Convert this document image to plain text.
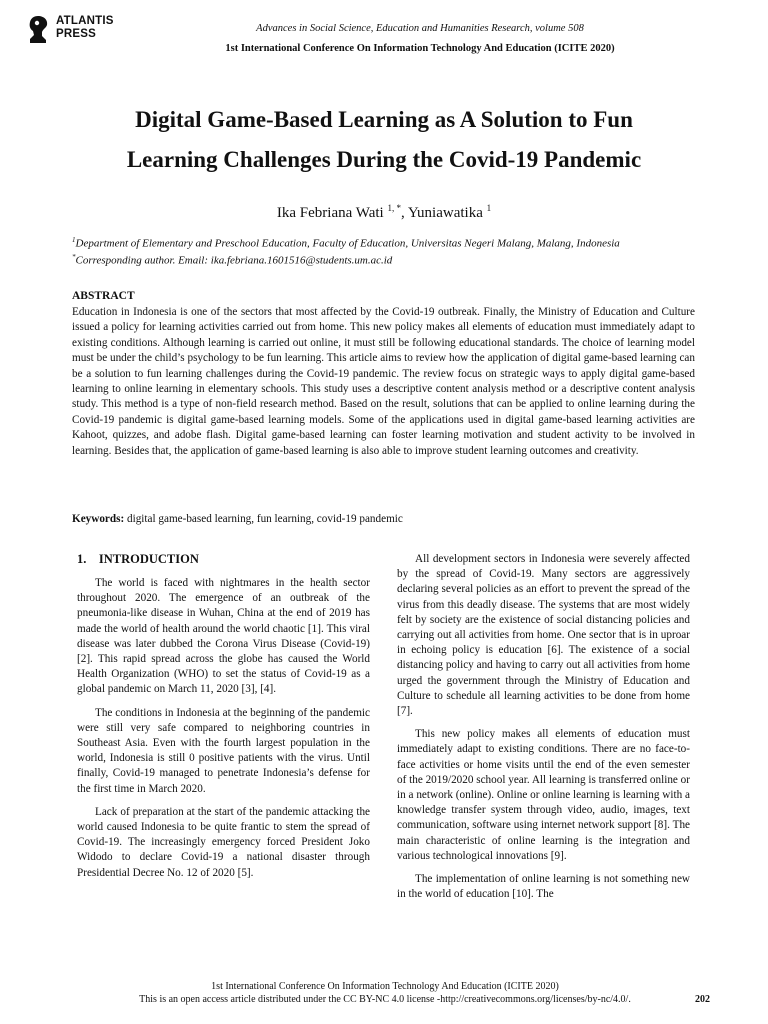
ATLANTIS
PRESS	Advances in Social Science, Education and Humanities Research, volume 508
1st International Conference On Information Technology And Education (ICITE 2020)
Digital Game-Based Learning as A Solution to Fun
Learning Challenges During the Covid-19 Pandemic
Ika Febriana Wati $^{1, *}$, Yuniawatika $^1$
$^1$Department of Elementary and Preschool Education, Faculty of Education, Universitas Negeri Malang, Malang, Indonesia
*Corresponding author. Email: ika.febriana.1601516@students.um.ac.id
ABSTRACT

Education in Indonesia is one of the sectors that most affected by the Covid-19 outbreak. Finally, the Ministry of Education and Culture issued a policy for learning activities carried out from home. This new policy makes all elements of education must immediately adapt to existing conditions. Although learning is carried out online, it must still be following educational standards. The choice of learning model must be under the child’s psychology to be fun learning. This article aims to review how the application of digital game-based learning can be a solution to fun learning challenges during the Covid-19 pandemic. The review focus on strategic ways to apply digital game-based learning to online learning in elementary schools. This study uses a descriptive content analysis method or a descriptive content analysis study. This method is a type of non-field research method. Based on the result, solutions that can be applied to online learning during the Covid-19 pandemic is digital game-based learning models. Some of the applications used in digital game-based learning activities are Kahoot, quizzes, and adobe flash. Digital game-based learning can foster learning motivation and student activity to be involved in learning. Besides that, the application of game-based learning is also able to improve student learning outcomes and creativity.

Keywords: digital game-based learning, fun learning, covid-19 pandemic
1.    INTRODUCTION

The world is faced with nightmares in the health sector throughout 2020. The emergence of an outbreak of the pneumonia-like disease in Wuhan, China at the end of 2019 has made the world of health around the world chaotic [1]. This viral disease was later dubbed the Corona Virus Disease (Covid-19) [2]. This rapid spread across the globe has caused the World Health Organization (WHO) to set the status of Covid-19 as a global pandemic on March 11, 2020 [3], [4].

The conditions in Indonesia at the beginning of the pandemic were still very safe compared to neighboring countries in Southeast Asia. Even with the fourth largest population in the world, Indonesia is still 0 positive patients with the virus. Until finally, Covid-19 managed to penetrate Indonesia’s defense for the first time in March 2020.

Lack of preparation at the start of the pandemic attacking the world caused Indonesia to be quite frantic to stem the spread of Covid-19. The increasingly emergency forced President Joko Widodo to declare Covid-19 a national disaster through Presidential Decree No. 12 of 2020 [5].

All development sectors in Indonesia were severely affected by the spread of Covid-19. Many sectors are aggressively declaring several policies as an effort to prevent the spread of the virus from this deadly disease. The systems that are most widely felt by society are the existence of social distancing policies and carrying out all activities from home. One sector that is in uproar in echoing policy is education [6]. The existence of a social distancing policy and having to carry out all activities from home urged the government through the Ministry of Education and Culture to schedule all learning activities to be done from home [7].

This new policy makes all elements of education must immediately adapt to existing conditions. There are no face-to-face activities or home visits until the end of the even semester of the 2019/2020 school year. All learning is transferred online or in a network (online). Online or online learning is learning with a knowledge transfer system through video, audio, images, text communication, software using internet network support [8]. The main characteristic of online learning is the integration and various technological innovations [9].

The implementation of online learning is not something new in the world of education [10]. The

1st International Conference On Information Technology And Education (ICITE 2020)
This is an open access article distributed under the CC BY-NC 4.0 license -http://creativecommons.org/licenses/by-nc/4.0/.	202
